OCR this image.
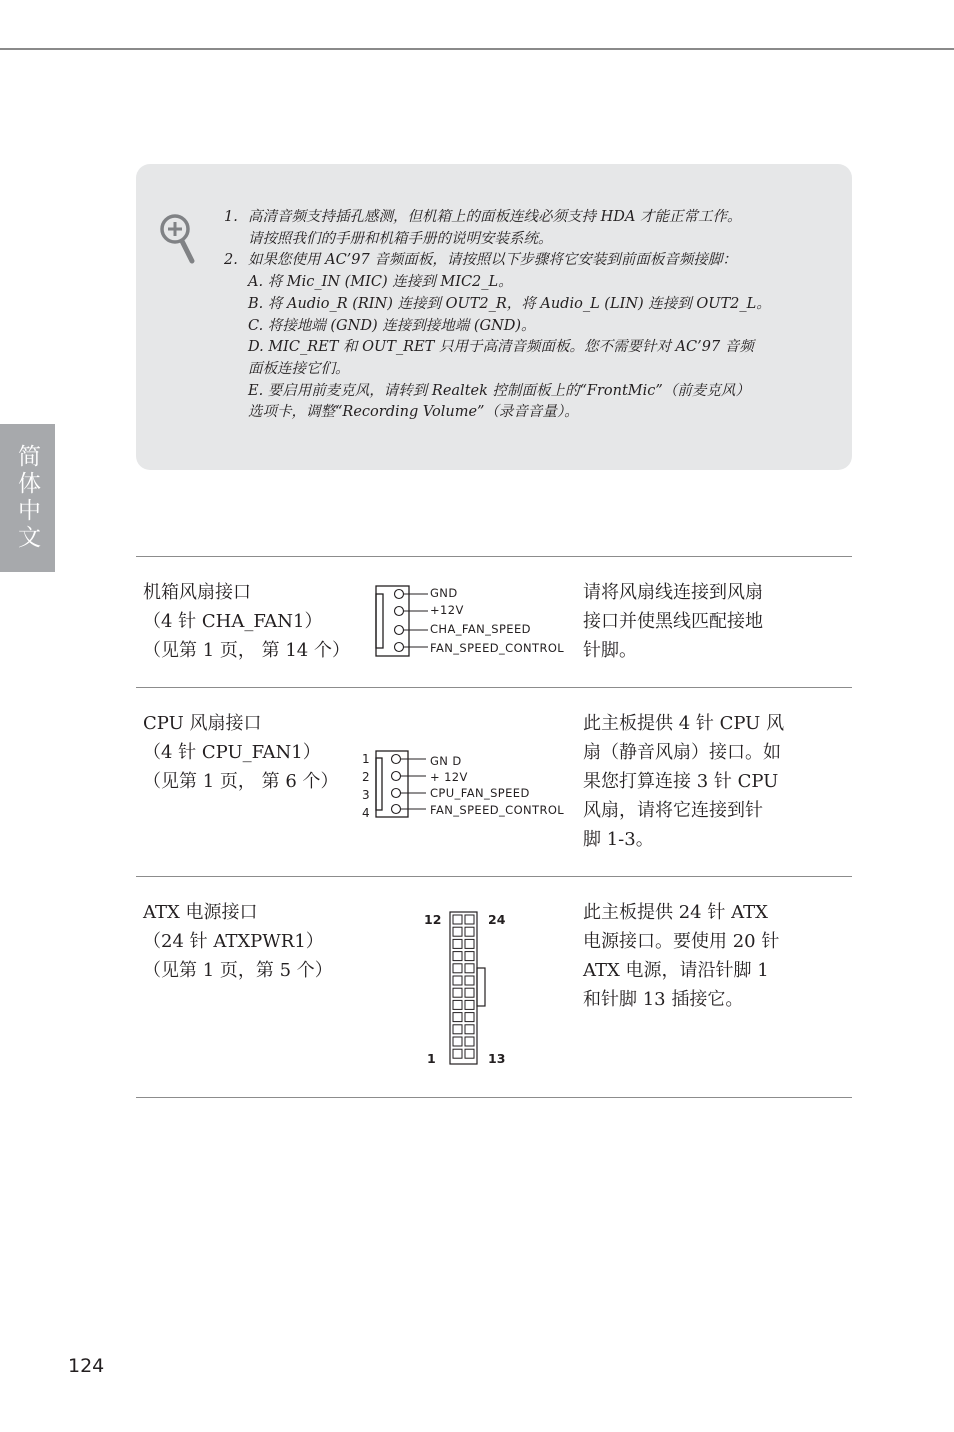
简体中文
1. 高清音频支持插孔感测，但机箱上的面板连线必须支持 HDA 才能正常工作。
请按照我们的手册和机箱手册的说明安装系统。
2. 如果您使用 AC’97 音频面板，请按照以下步骤将它安装到前面板音频接脚：
A. 将 Mic_IN (MIC) 连接到 MIC2_L。
B. 将 Audio_R (RIN) 连接到 OUT2_R，将 Audio_L (LIN) 连接到 OUT2_L。
C. 将接地端 (GND) 连接到接地端 (GND)。
D. MIC_RET 和 OUT_RET 只用于高清音频面板。您不需要针对 AC’97 音频
面板连接它们。
E. 要启用前麦克风，请转到 Realtek 控制面板上的“FrontMic”（前麦克风）
选项卡，调整“Recording Volume”（录音音量）。
机箱风扇接口
（4 针 CHA_FAN1）
（见第 1 页， 第 14 个）
GND
+12V
CHA_FAN_SPEED
FAN_SPEED_CONTROL
请将风扇线连接到风扇
接口并使黑线匹配接地
针脚。
CPU 风扇接口
（4 针 CPU_FAN1）
（见第 1 页， 第 6 个）
1
2
3
4
GN D
+ 12V
CPU_FAN_SPEED
FAN_SPEED_CONTROL
此主板提供 4 针 CPU 风
扇（静音风扇）接口。如
果您打算连接 3 针 CPU
风扇，请将它连接到针
脚 1-3。
ATX 电源接口
（24 针 ATXPWR1）
（见第 1 页，第 5 个）
12	24
1	13
此主板提供 24 针 ATX
电源接口。要使用 20 针
ATX 电源，请沿针脚 1
和针脚 13 插接它。
124
